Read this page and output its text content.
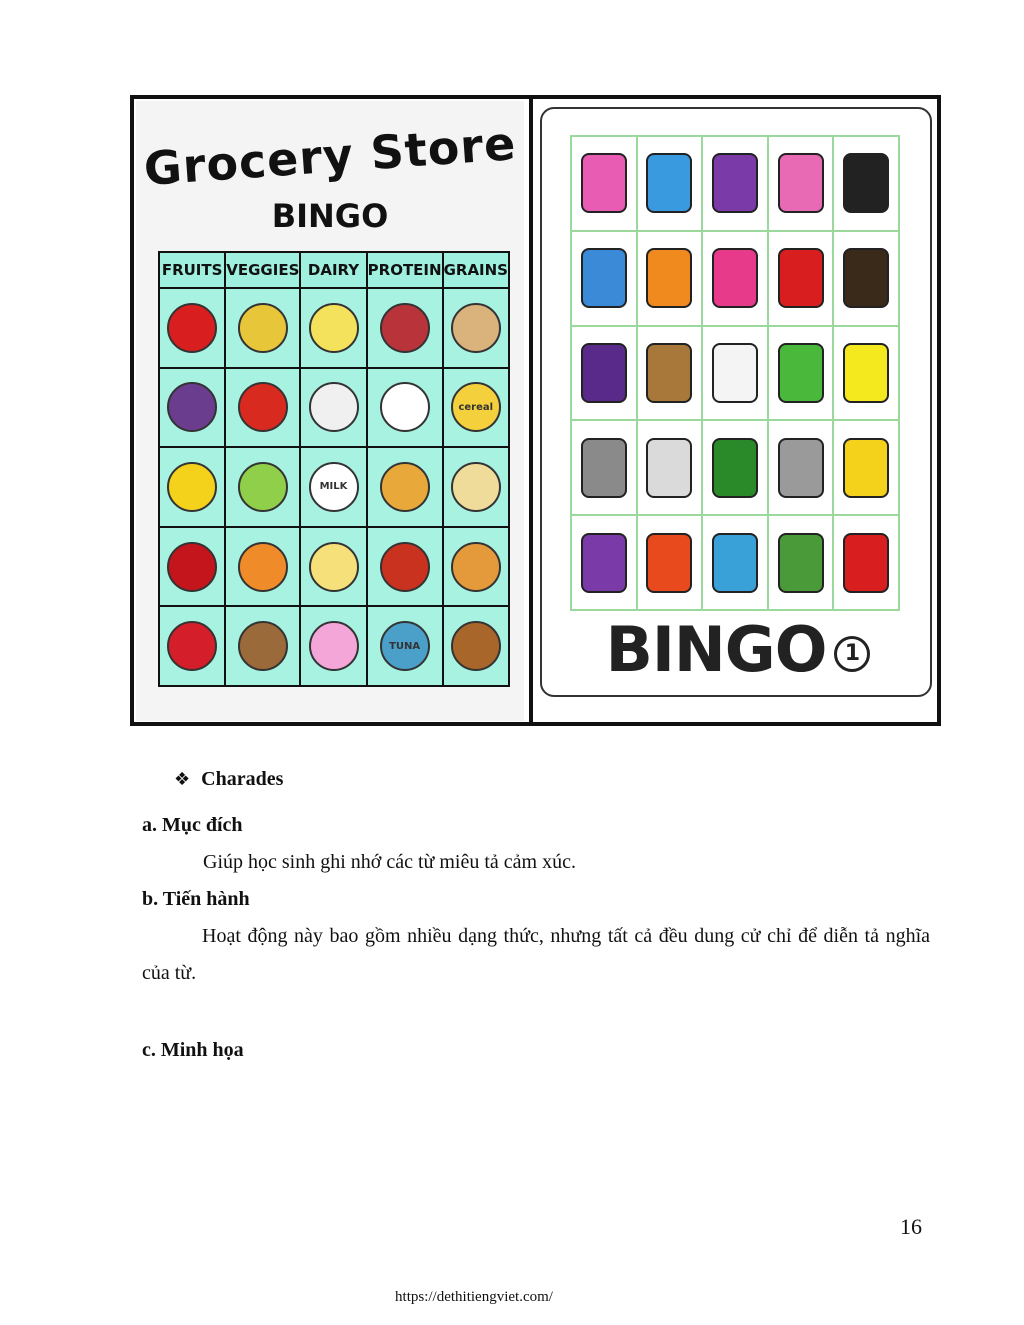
Grocery Store
BINGO
FRUITS VEGGIES DAIRY PROTEIN GRAINS
cereal
MILK
TUNA	BINGO 1
❖ Charades
a. Mục đích
Giúp học sinh ghi nhớ các từ miêu tả cảm xúc.
b. Tiến hành
Hoạt động này bao gồm nhiều dạng thức, nhưng tất cả đều dung cử chỉ để diễn tả nghĩa của từ.
c. Minh họa
16
https://dethitiengviet.com/
